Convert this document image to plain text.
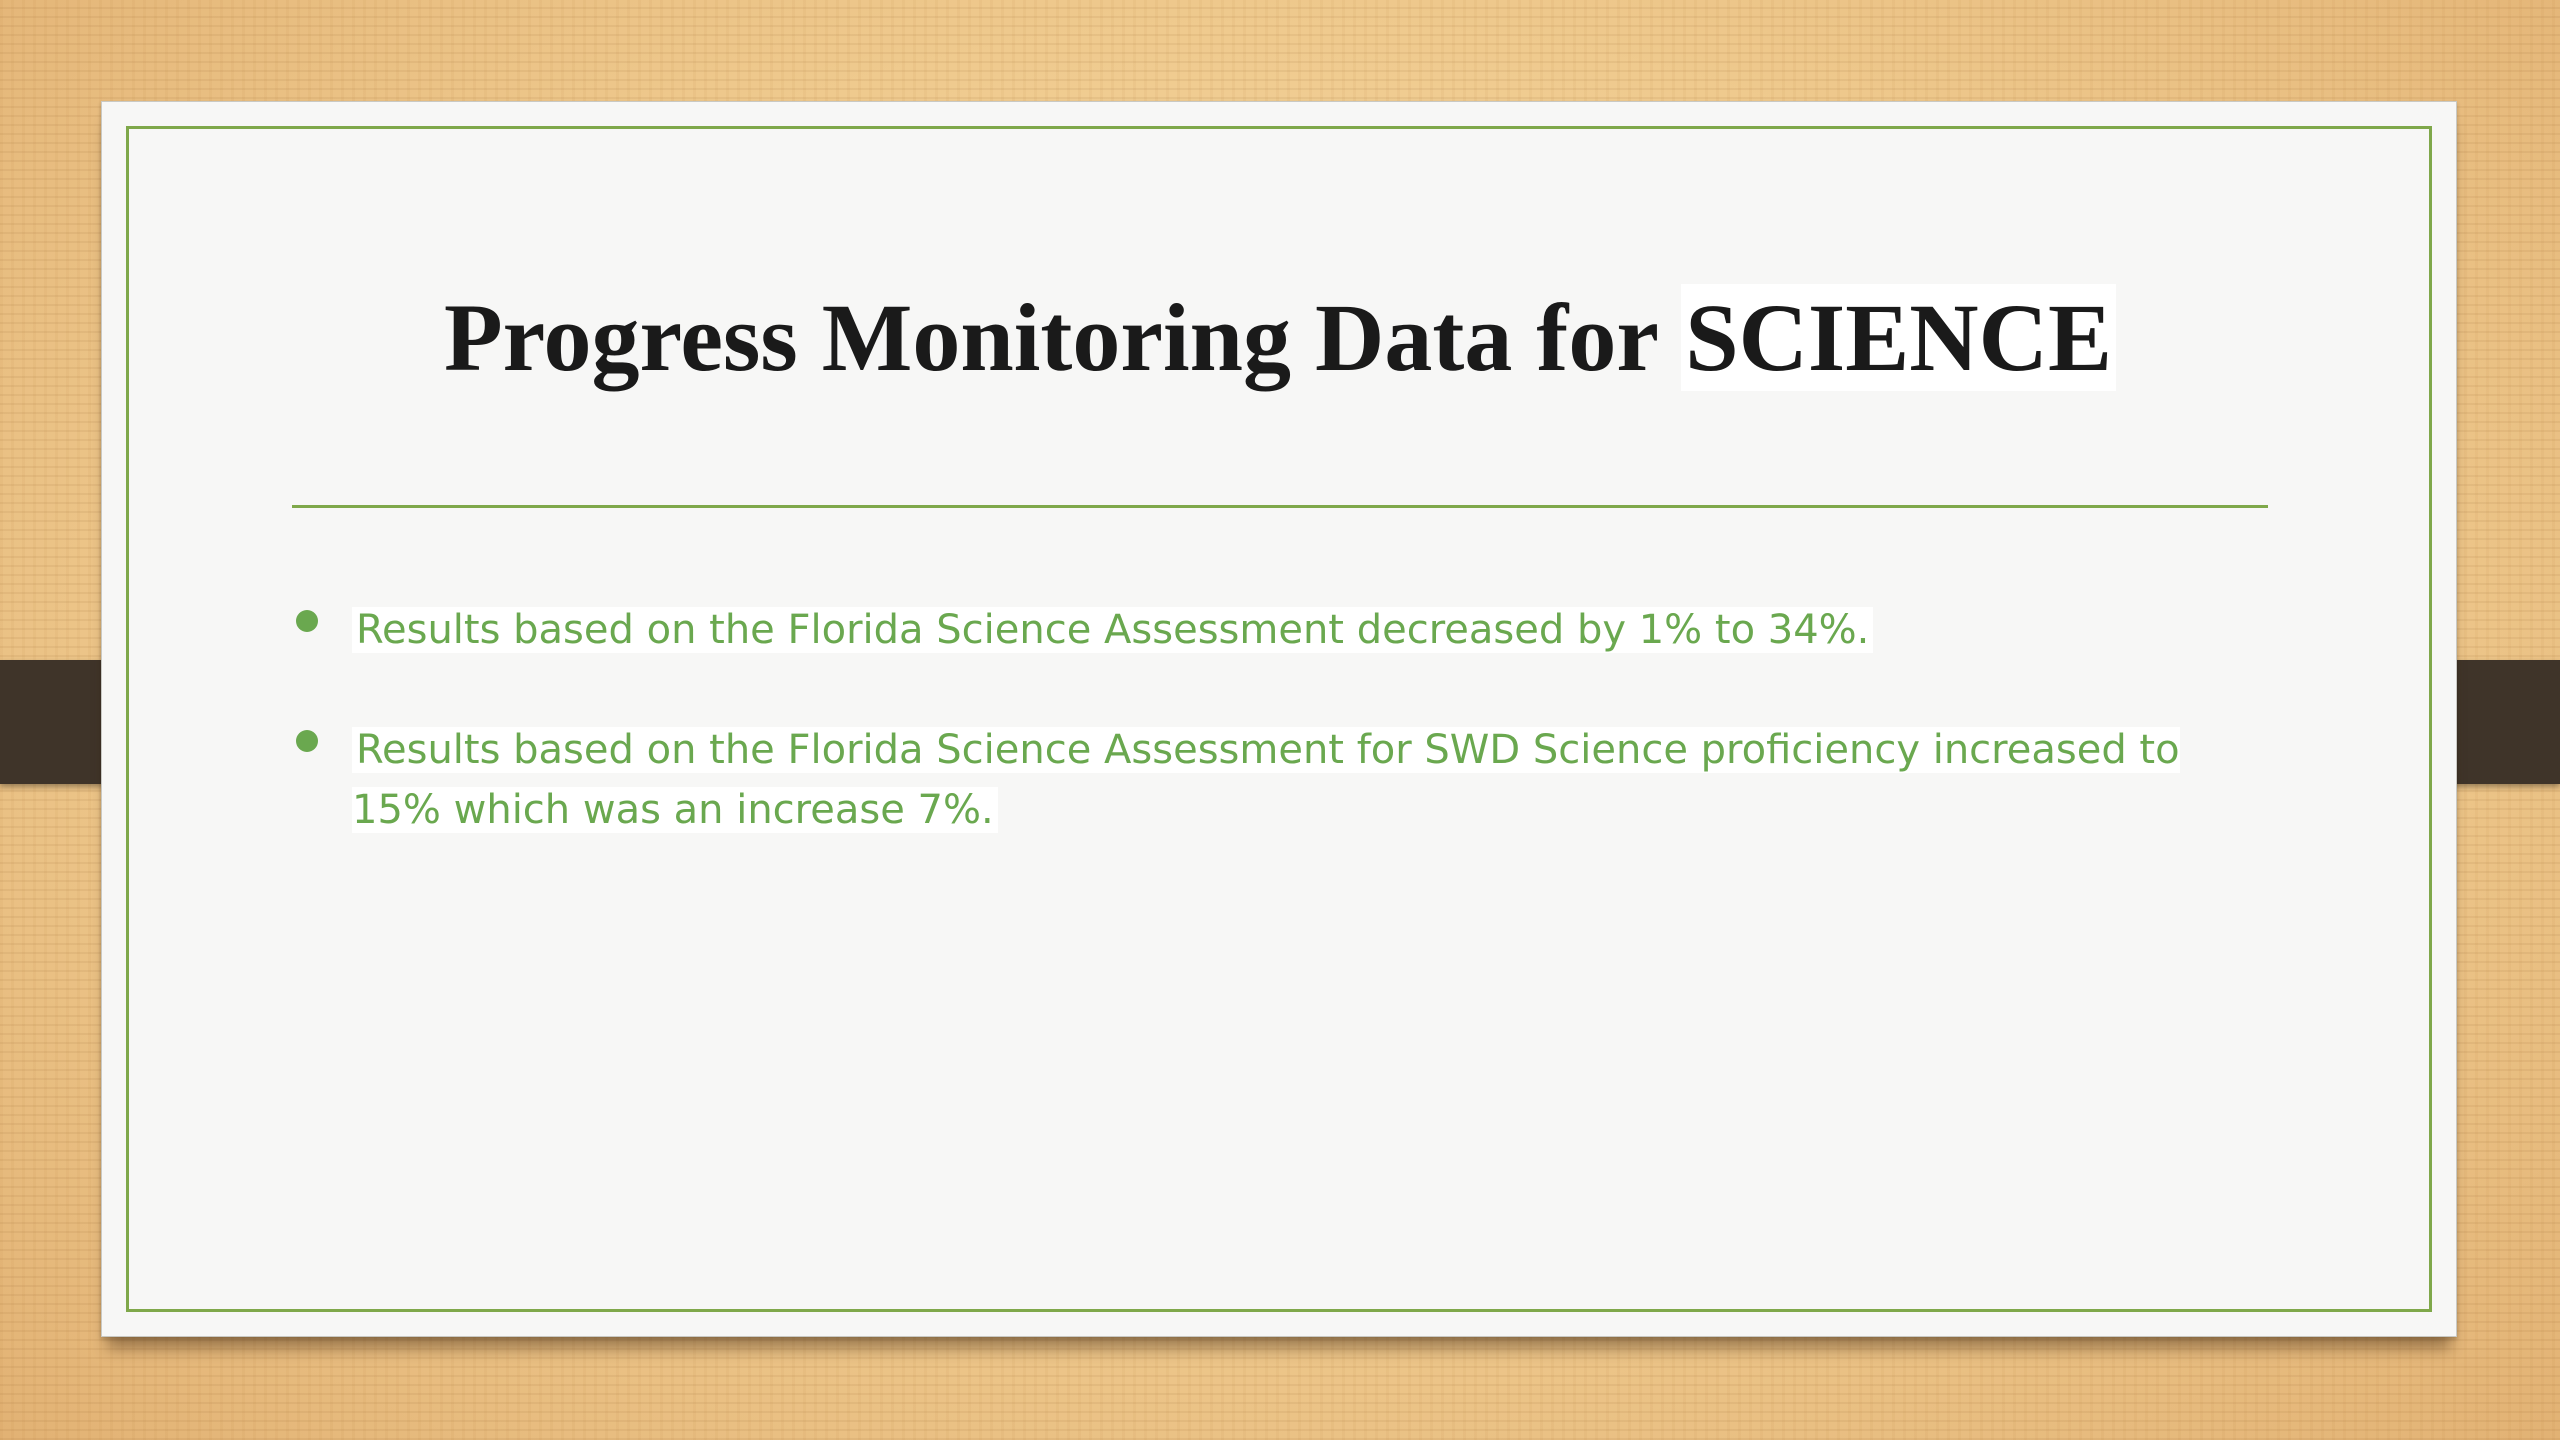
Progress Monitoring Data for SCIENCE
Results based on the Florida Science Assessment decreased by 1% to 34%.
Results based on the Florida Science Assessment for SWD Science proficiency increased to 15% which was an increase 7%.
